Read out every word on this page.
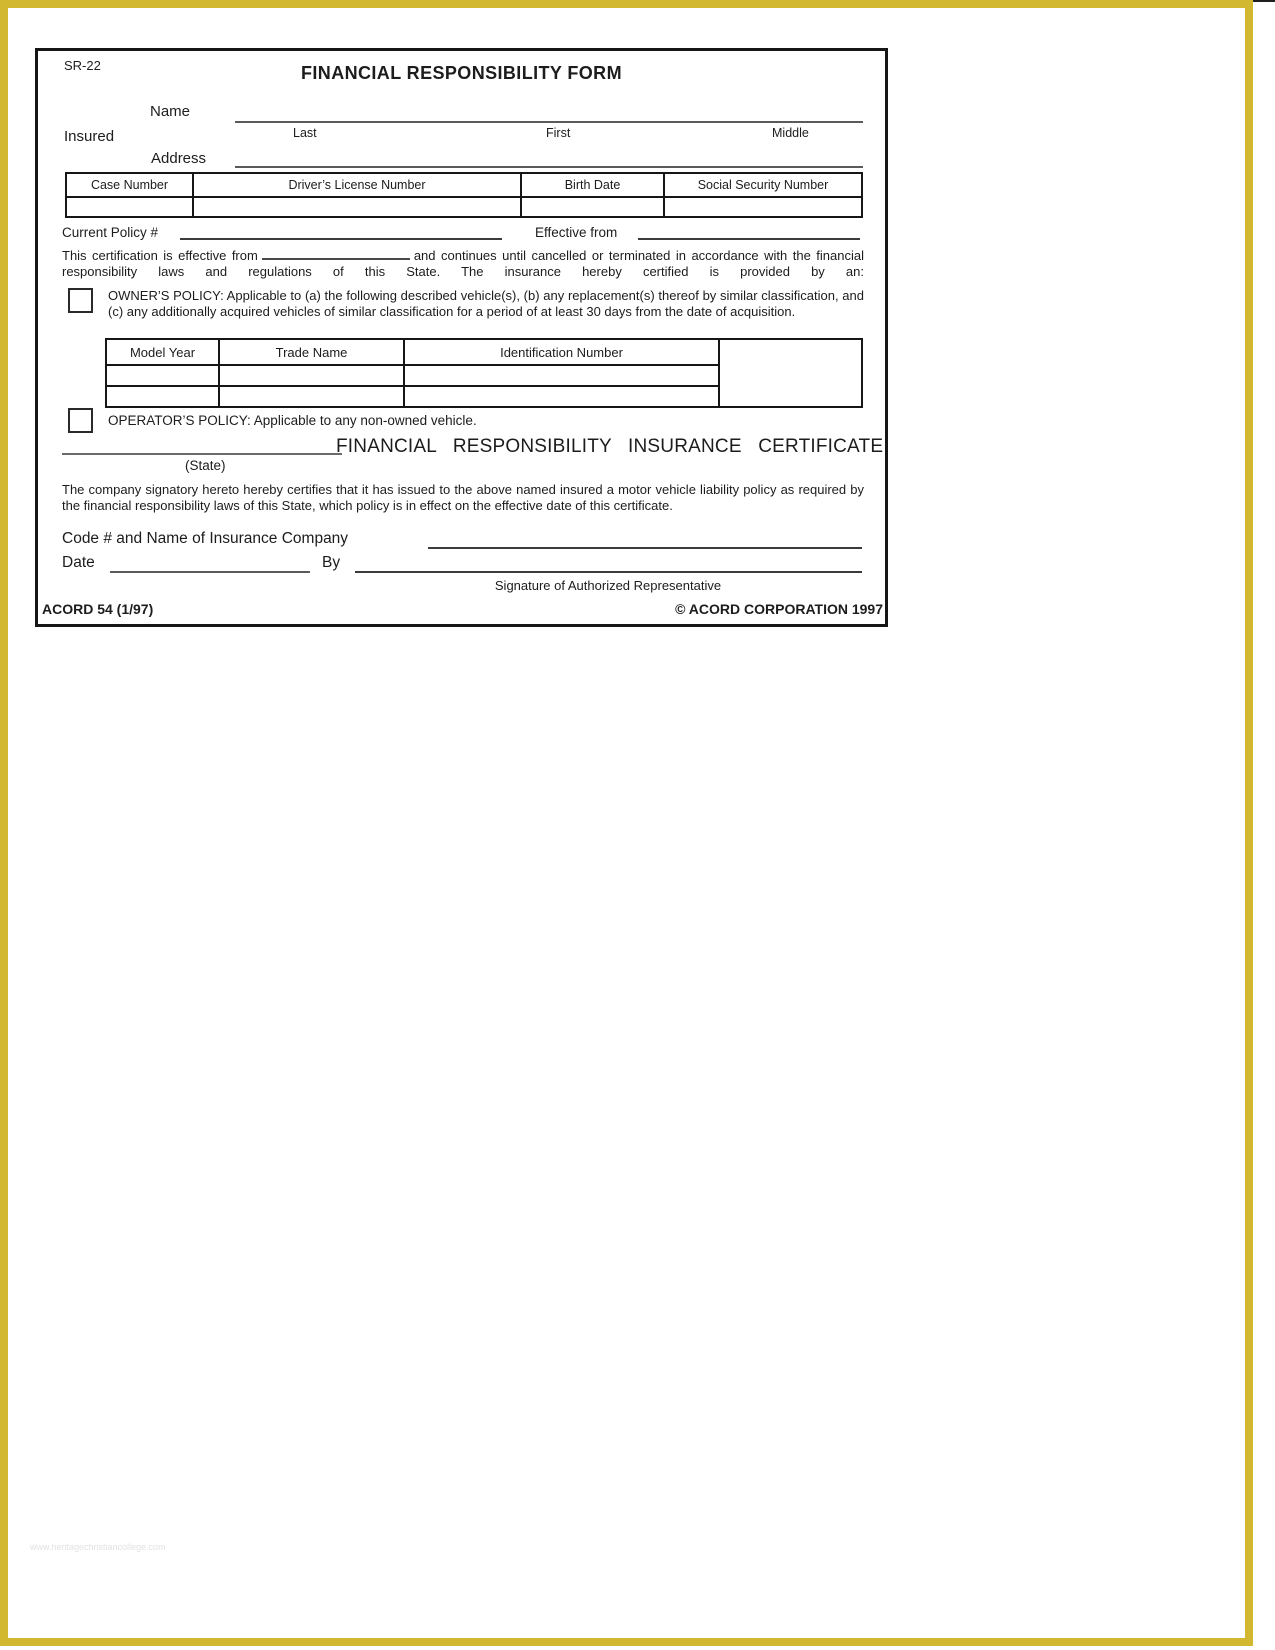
SR-22	FINANCIAL RESPONSIBILITY FORM
Name
Last	First	Middle
Insured
Address
Case Number	Driver’s License Number	Birth Date	Social Security Number
Current Policy #	Effective from
This certification is effective from	and continues until cancelled or terminated in accordance with the financial responsibility laws and regulations of this State. The insurance hereby certified is provided by an:
OWNER’S POLICY: Applicable to (a) the following described vehicle(s), (b) any replacement(s) thereof by similar classification, and (c) any additionally acquired vehicles of similar classification for a period of at least 30 days from the date of acquisition.
Model Year	Trade Name	Identification Number
OPERATOR’S POLICY: Applicable to any non-owned vehicle.
FINANCIAL RESPONSIBILITY INSURANCE CERTIFICATE
(State)
The company signatory hereto hereby certifies that it has issued to the above named insured a motor vehicle liability policy as required by the financial responsibility laws of this State, which policy is in effect on the effective date of this certificate.
Code # and Name of Insurance Company
Date	By
Signature of Authorized Representative
ACORD 54 (1/97)	© ACORD CORPORATION 1997
www.heritagechristiancollege.com
